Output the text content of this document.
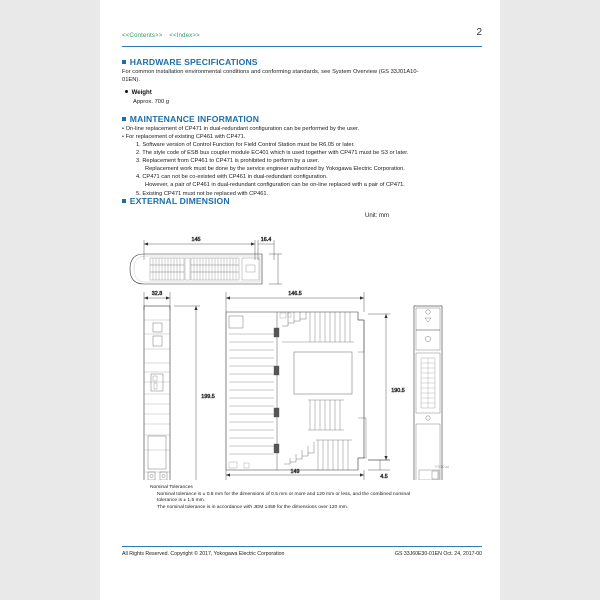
<<Contents>> <<Index>>	2
HARDWARE SPECIFICATIONS
For common installation environmental conditions and conforming standards, see System Overview (GS 33J01A10-
01EN).
Weight
Approx. 700 g
MAINTENANCE INFORMATION
• On-line replacement of CP471 in dual-redundant configuration can be performed by the user.
• For replacement of existing CP461 with CP471.
1. Software version of Control Function for Field Control Station must be R6.05 or later.
2. The style code of ESB bus coupler module EC401 which is used together with CP471 must be S3 or later.
3. Replacement from CP461 to CP471 is prohibited to perform by a user.
Replacement work must be done by the service engineer authorized by Yokogawa Electric Corporation.
4. CP471 can not be co-existed with CP461 in dual-redundant configuration.
However, a pair of CP461 in dual-redundant configuration can be on-line replaced with a pair of CP471.
5. Existing CP471 must not be replaced with CP461.
EXTERNAL DIMENSION
Unit: mm
145	16.4
32.8
199.5
146.5
190.5
4.5
149
F010.ai
Nominal Tolerances
Nominal tolerance is ± 0.8 mm for the dimensions of 0.5 mm or more and 120 mm or less, and the combined nominal
tolerance is ± 1.5 mm.
The nominal tolerance is in accordance with JEM 1459 for the dimensions over 120 mm.
All Rights Reserved. Copyright © 2017, Yokogawa Electric Corporation	GS 33J60E30-01EN Oct. 24, 2017-00
